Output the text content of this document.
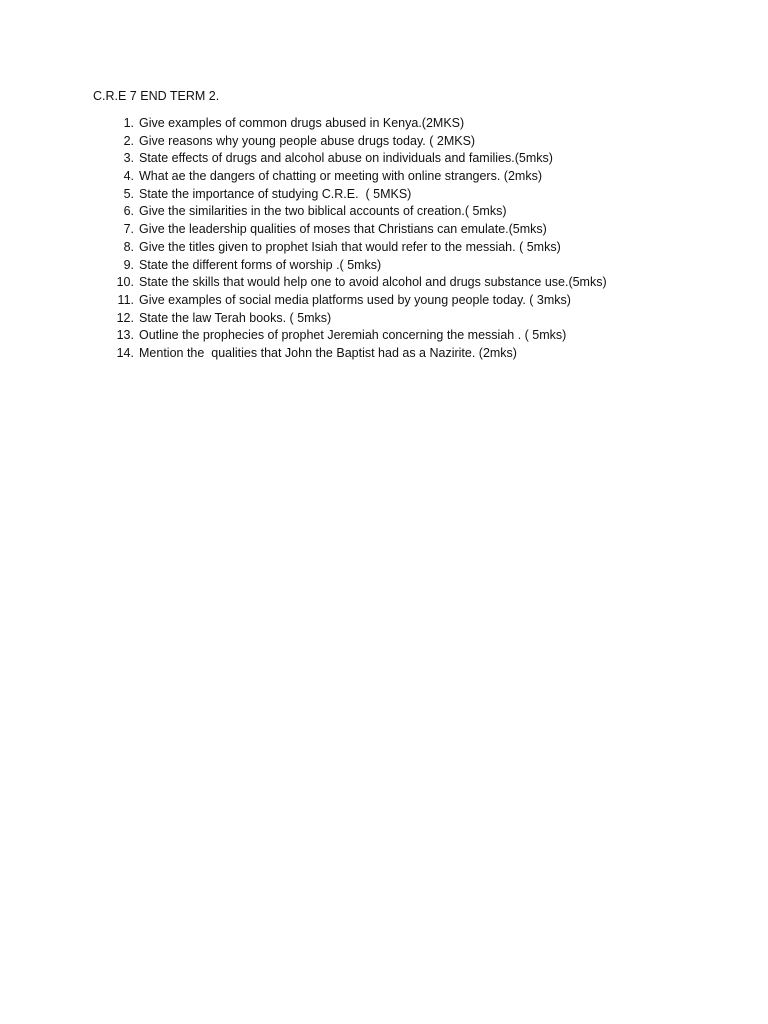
C.R.E 7 END TERM 2.
1. Give examples of common drugs abused in Kenya.(2MKS)
2. Give reasons why young people abuse drugs today. ( 2MKS)
3. State effects of drugs and alcohol abuse on individuals and families.(5mks)
4. What ae the dangers of chatting or meeting with online strangers. (2mks)
5. State the importance of studying C.R.E.  ( 5MKS)
6. Give the similarities in the two biblical accounts of creation.( 5mks)
7. Give the leadership qualities of moses that Christians can emulate.(5mks)
8. Give the titles given to prophet Isiah that would refer to the messiah. ( 5mks)
9. State the different forms of worship .( 5mks)
10. State the skills that would help one to avoid alcohol and drugs substance use.(5mks)
11. Give examples of social media platforms used by young people today. ( 3mks)
12. State the law Terah books. ( 5mks)
13. Outline the prophecies of prophet Jeremiah concerning the messiah . ( 5mks)
14. Mention the  qualities that John the Baptist had as a Nazirite. (2mks)
